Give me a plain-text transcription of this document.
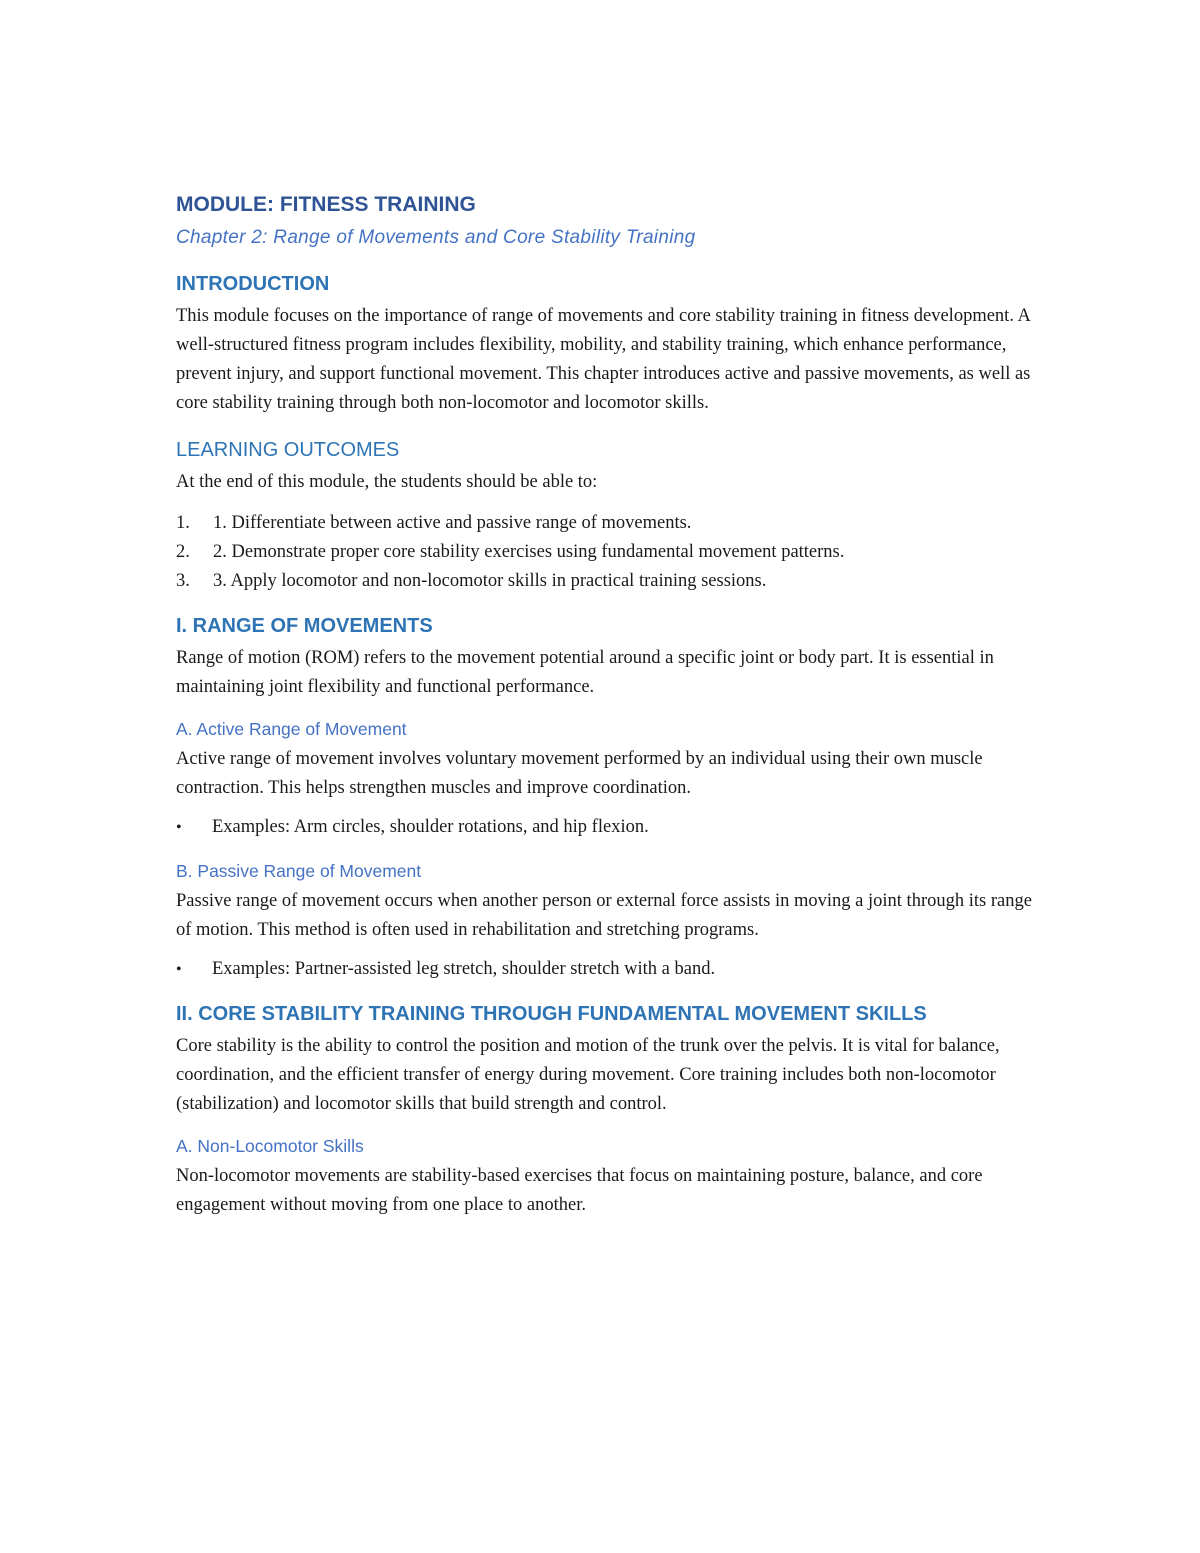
MODULE: FITNESS TRAINING
Chapter 2: Range of Movements and Core Stability Training
INTRODUCTION

This module focuses on the importance of range of movements and core stability training in fitness development. A well-structured fitness program includes flexibility, mobility, and stability training, which enhance performance, prevent injury, and support functional movement. This chapter introduces active and passive movements, as well as core stability training through both non-locomotor and locomotor skills.

LEARNING OUTCOMES

At the end of this module, the students should be able to:

1. 1. Differentiate between active and passive range of movements.
2. 2. Demonstrate proper core stability exercises using fundamental movement patterns.
3. 3. Apply locomotor and non-locomotor skills in practical training sessions.
I. RANGE OF MOVEMENTS

Range of motion (ROM) refers to the movement potential around a specific joint or body part. It is essential in maintaining joint flexibility and functional performance.

A. Active Range of Movement

Active range of movement involves voluntary movement performed by an individual using their own muscle contraction. This helps strengthen muscles and improve coordination.

• Examples: Arm circles, shoulder rotations, and hip flexion.
B. Passive Range of Movement

Passive range of movement occurs when another person or external force assists in moving a joint through its range of motion. This method is often used in rehabilitation and stretching programs.

• Examples: Partner-assisted leg stretch, shoulder stretch with a band.
II. CORE STABILITY TRAINING THROUGH FUNDAMENTAL MOVEMENT SKILLS

Core stability is the ability to control the position and motion of the trunk over the pelvis. It is vital for balance, coordination, and the efficient transfer of energy during movement. Core training includes both non-locomotor (stabilization) and locomotor skills that build strength and control.

A. Non-Locomotor Skills

Non-locomotor movements are stability-based exercises that focus on maintaining posture, balance, and core engagement without moving from one place to another.
